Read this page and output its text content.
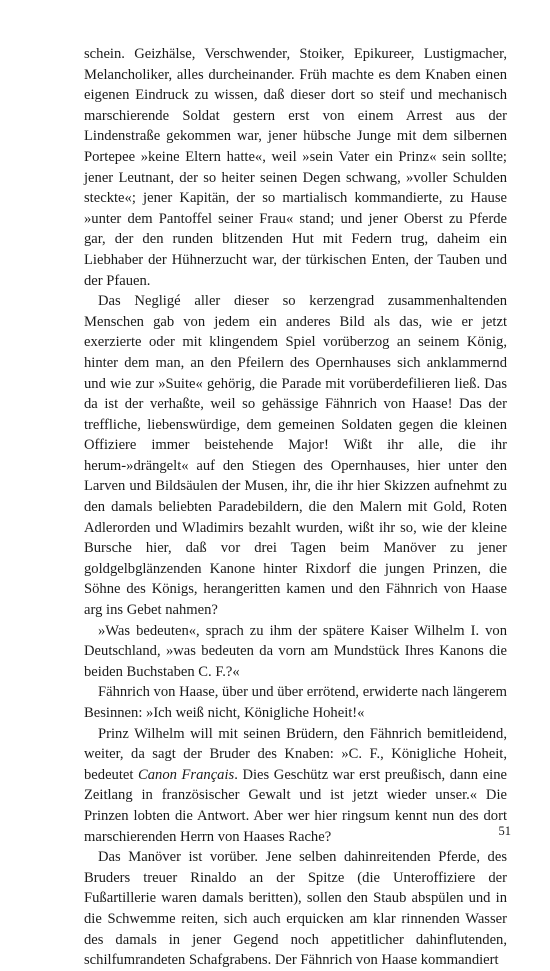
schein. Geizhälse, Verschwender, Stoiker, Epikureer, Lustigmacher, Melancholiker, alles durcheinander. Früh machte es dem Knaben einen eigenen Eindruck zu wissen, daß dieser dort so steif und mechanisch marschierende Soldat gestern erst von einem Arrest aus der Lindenstraße gekommen war, jener hübsche Junge mit dem silbernen Portepee »keine Eltern hatte«, weil »sein Vater ein Prinz« sein sollte; jener Leutnant, der so heiter seinen Degen schwang, »voller Schulden steckte«; jener Kapitän, der so martialisch kommandierte, zu Hause »unter dem Pantoffel seiner Frau« stand; und jener Oberst zu Pferde gar, der den runden blitzenden Hut mit Federn trug, daheim ein Liebhaber der Hühnerzucht war, der türkischen Enten, der Tauben und der Pfauen.

Das Negligé aller dieser so kerzengrad zusammenhaltenden Menschen gab von jedem ein anderes Bild als das, wie er jetzt exerzierte oder mit klingendem Spiel vorüberzog an seinem König, hinter dem man, an den Pfeilern des Opernhauses sich anklammernd und wie zur »Suite« gehörig, die Parade mit vorüberdefilieren ließ. Das da ist der verhaßte, weil so gehässige Fähnrich von Haase! Das der treffliche, liebenswürdige, dem gemeinen Soldaten gegen die kleinen Offiziere immer beistehende Major! Wißt ihr alle, die ihr herum-»drängelt« auf den Stiegen des Opernhauses, hier unter den Larven und Bildsäulen der Musen, ihr, die ihr hier Skizzen aufnehmt zu den damals beliebten Paradebildern, die den Malern mit Gold, Roten Adlerorden und Wladimirs bezahlt wurden, wißt ihr so, wie der kleine Bursche hier, daß vor drei Tagen beim Manöver zu jener goldgelbglänzenden Kanone hinter Rixdorf die jungen Prinzen, die Söhne des Königs, herangeritten kamen und den Fähnrich von Haase arg ins Gebet nahmen?

»Was bedeuten«, sprach zu ihm der spätere Kaiser Wilhelm I. von Deutschland, »was bedeuten da vorn am Mundstück Ihres Kanons die beiden Buchstaben C. F.?«

Fähnrich von Haase, über und über errötend, erwiderte nach längerem Besinnen: »Ich weiß nicht, Königliche Hoheit!«

Prinz Wilhelm will mit seinen Brüdern, den Fähnrich bemitleidend, weiter, da sagt der Bruder des Knaben: »C. F., Königliche Hoheit, bedeutet Canon Français. Dies Geschütz war erst preußisch, dann eine Zeitlang in französischer Gewalt und ist jetzt wieder unser.« Die Prinzen lobten die Antwort. Aber wer hier ringsum kennt nun des dort marschierenden Herrn von Haases Rache?

Das Manöver ist vorüber. Jene selben dahinreitenden Pferde, des Bruders treuer Rinaldo an der Spitze (die Unteroffiziere der Fußartillerie waren damals beritten), sollen den Staub abspülen und in die Schwemme reiten, sich auch erquicken am klar rinnenden Wasser des damals in jener Gegend noch appetitlicher dahinflutenden, schilfumrandeten Schafgrabens. Der Fähnrich von Haase kommandiert

51
